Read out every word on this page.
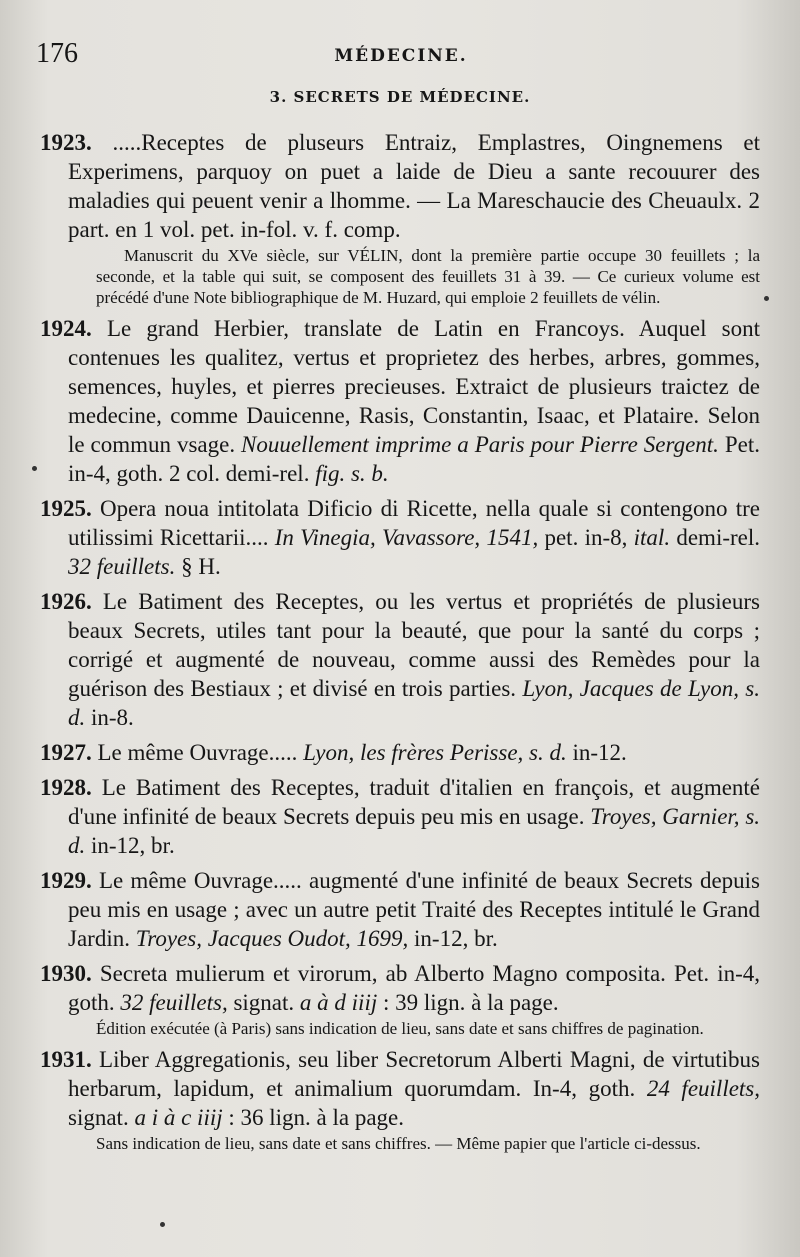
176	MÉDECINE.
3. SECRETS DE MÉDECINE.
1923. .....Receptes de pluseurs Entraiz, Emplastres, Oingnemens et Experimens, parquoy on puet a laide de Dieu a sante recouurer des maladies qui peuent venir a lhomme. — La Mareschaucie des Cheuaulx. 2 part. en 1 vol. pet. in-fol. v. f. comp.
Manuscrit du XVe siècle, sur VÉLIN, dont la première partie occupe 30 feuillets ; la seconde, et la table qui suit, se composent des feuillets 31 à 39. — Ce curieux volume est précédé d'une Note bibliographique de M. Huzard, qui emploie 2 feuillets de vélin.
1924. Le grand Herbier, translate de Latin en Francoys. Auquel sont contenues les qualitez, vertus et proprietez des herbes, arbres, gommes, semences, huyles, et pierres precieuses. Extraict de plusieurs traictez de medecine, comme Dauicenne, Rasis, Constantin, Isaac, et Plataire. Selon le commun vsage. Nouuellement imprime a Paris pour Pierre Sergent. Pet. in-4, goth. 2 col. demi-rel. fig. s. b.
1925. Opera noua intitolata Dificio di Ricette, nella quale si contengono tre utilissimi Ricettarii.... In Vinegia, Vavassore, 1541, pet. in-8, ital. demi-rel. 32 feuillets. § H.
1926. Le Batiment des Receptes, ou les vertus et propriétés de plusieurs beaux Secrets, utiles tant pour la beauté, que pour la santé du corps ; corrigé et augmenté de nouveau, comme aussi des Remèdes pour la guérison des Bestiaux ; et divisé en trois parties. Lyon, Jacques de Lyon, s. d. in-8.
1927. Le même Ouvrage..... Lyon, les frères Perisse, s. d. in-12.
1928. Le Batiment des Receptes, traduit d'italien en françois, et augmenté d'une infinité de beaux Secrets depuis peu mis en usage. Troyes, Garnier, s. d. in-12, br.
1929. Le même Ouvrage..... augmenté d'une infinité de beaux Secrets depuis peu mis en usage ; avec un autre petit Traité des Receptes intitulé le Grand Jardin. Troyes, Jacques Oudot, 1699, in-12, br.
1930. Secreta mulierum et virorum, ab Alberto Magno composita. Pet. in-4, goth. 32 feuillets, signat. a à d iiij : 39 lign. à la page.
Édition exécutée (à Paris) sans indication de lieu, sans date et sans chiffres de pagination.
1931. Liber Aggregationis, seu liber Secretorum Alberti Magni, de virtutibus herbarum, lapidum, et animalium quorumdam. In-4, goth. 24 feuillets, signat. a i à c iiij : 36 lign. à la page.
Sans indication de lieu, sans date et sans chiffres. — Même papier que l'article ci-dessus.
